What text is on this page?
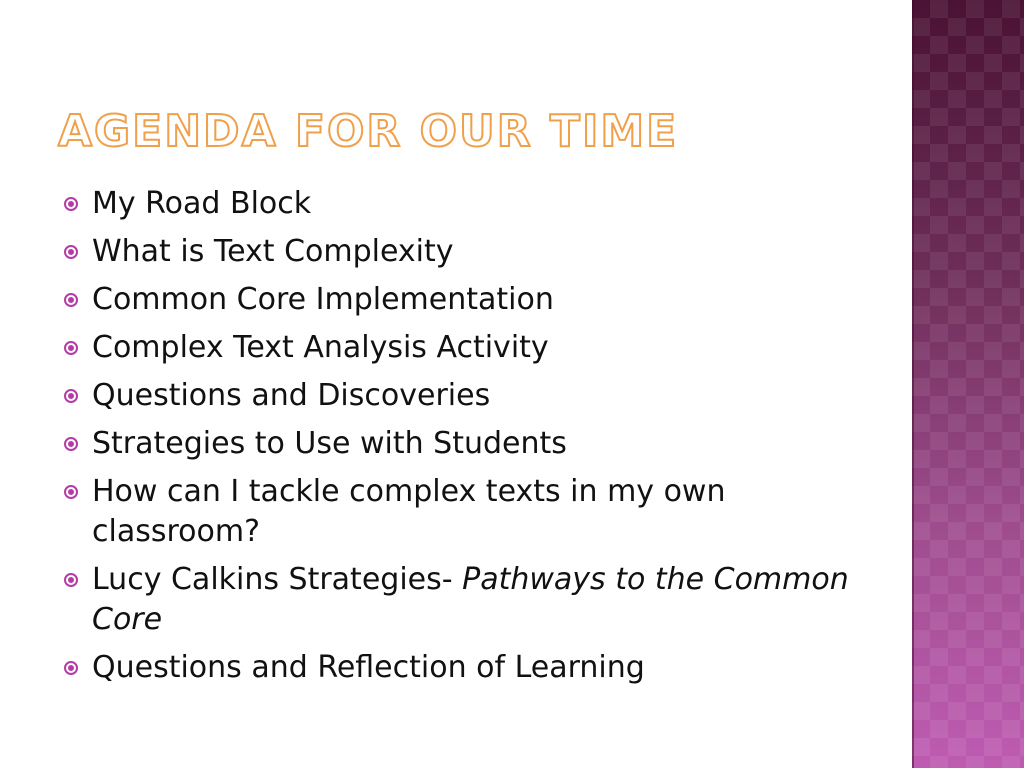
AGENDA FOR OUR TIME
My Road Block
What is Text Complexity
Common Core Implementation
Complex Text Analysis Activity
Questions and Discoveries
Strategies to Use with Students
How can I tackle complex texts in my own classroom?
Lucy Calkins Strategies- Pathways to the Common Core
Questions and Reflection of Learning
